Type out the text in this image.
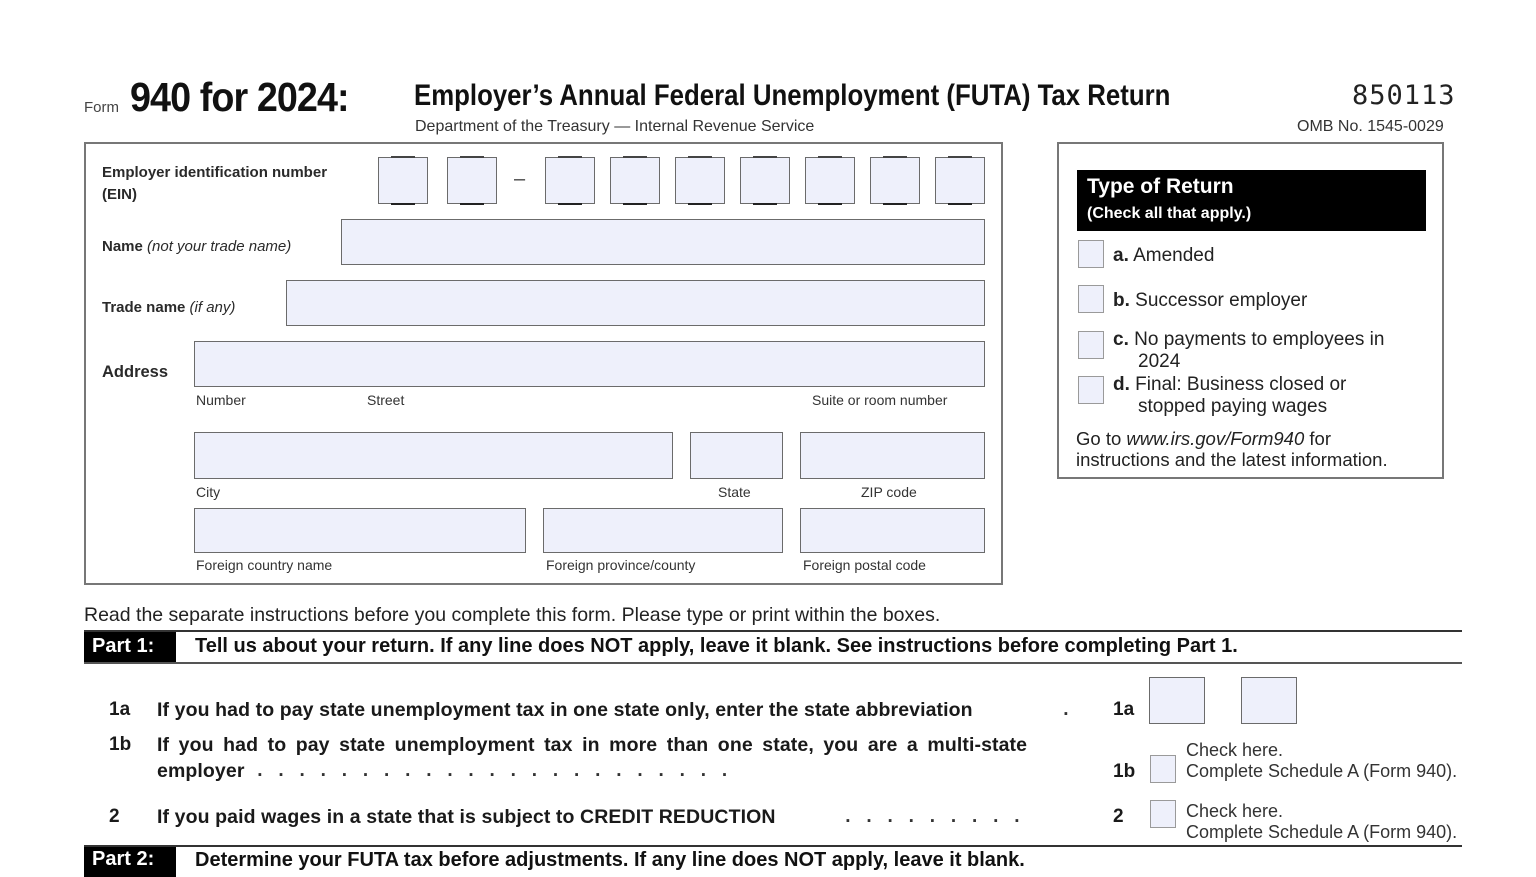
Form 940 for 2024: Employer’s Annual Federal Unemployment (FUTA) Tax Return
Department of the Treasury — Internal Revenue Service
850113
OMB No. 1545-0029
Employer identification number
(EIN)
–
Name (not your trade name)
Trade name (if any)
Address
Number	Street	Suite or room number
City	State	ZIP code
Foreign country name	Foreign province/county	Foreign postal code
Type of Return
(Check all that apply.)
a. Amended
b. Successor employer
c. No payments to employees in
2024
d. Final: Business closed or
stopped paying wages
Go to www.irs.gov/Form940 for
instructions and the latest information.
Read the separate instructions before you complete this form. Please type or print within the boxes.
Part 1: Tell us about your return. If any line does NOT apply, leave it blank. See instructions before completing Part 1.
1a If you had to pay state unemployment tax in one state only, enter the state abbreviation	. 1a
1b If you had to pay state unemployment tax in more than one state, you are a multi-state
employer .   .   .   .   .   .   .   .   .   .   .   .   .   .   .   .   .   .   .   .   .   .   .	1b
Check here.
Complete Schedule A (Form 940).
2 If you paid wages in a state that is subject to CREDIT REDUCTION	.   .   .   .   .   .   .   .   .	2	Check here.
Complete Schedule A (Form 940).
Part 2: Determine your FUTA tax before adjustments. If any line does NOT apply, leave it blank.
